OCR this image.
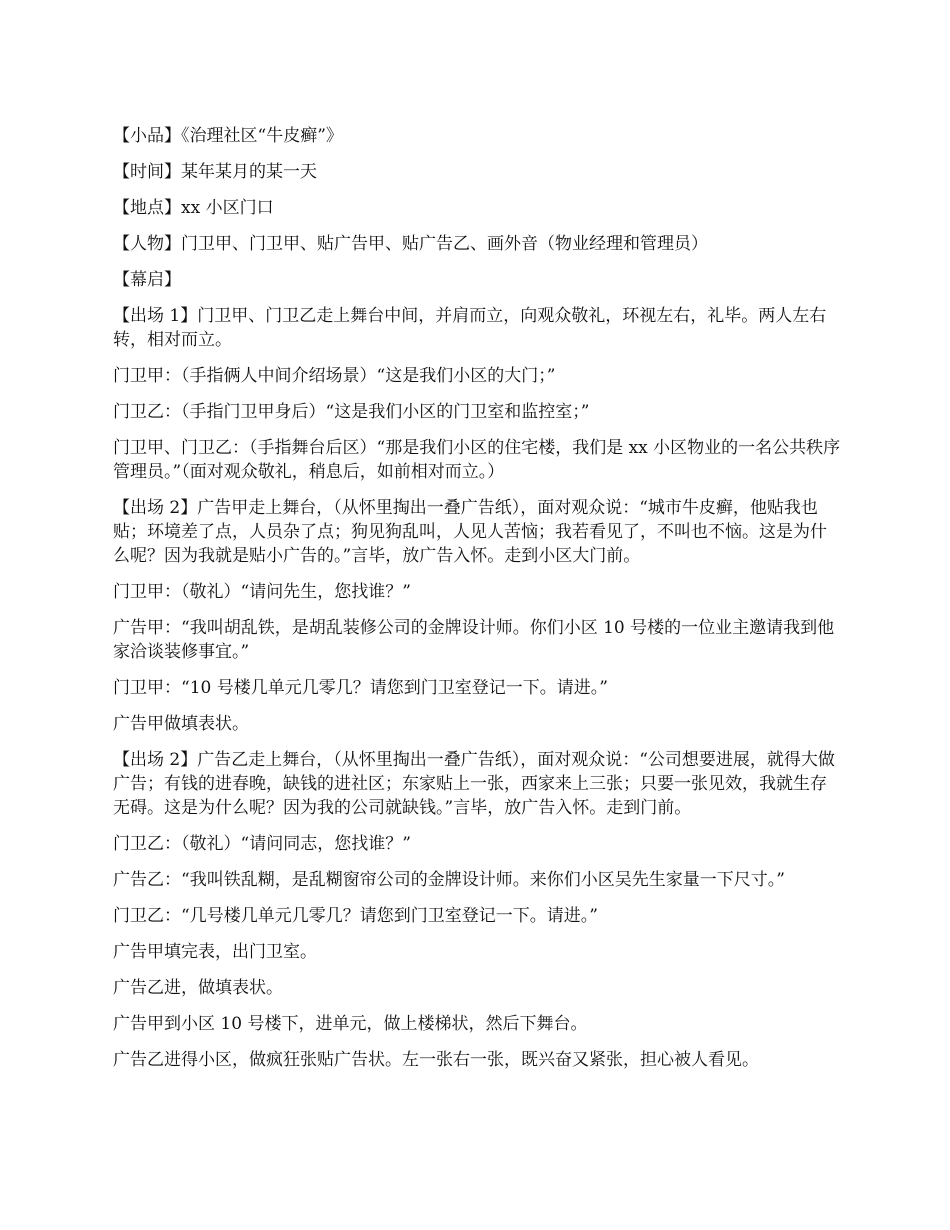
【小品】《治理社区“牛皮癣”》

【时间】某年某月的某一天

【地点】xx 小区门口

【人物】门卫甲、门卫甲、贴广告甲、贴广告乙、画外音（物业经理和管理员）

【幕启】

【出场 1】门卫甲、门卫乙走上舞台中间，并肩而立，向观众敬礼，环视左右，礼毕。两人左右转，相对而立。

门卫甲：（手指俩人中间介绍场景）“这是我们小区的大门；”

门卫乙：（手指门卫甲身后）“这是我们小区的门卫室和监控室；”

门卫甲、门卫乙：（手指舞台后区）“那是我们小区的住宅楼，我们是 xx 小区物业的一名公共秩序管理员。”（面对观众敬礼，稍息后，如前相对而立。）

【出场 2】广告甲走上舞台，（从怀里掏出一叠广告纸），面对观众说：“城市牛皮癣，他贴我也贴；环境差了点，人员杂了点；狗见狗乱叫，人见人苦恼；我若看见了，不叫也不恼。这是为什么呢？因为我就是贴小广告的。”言毕，放广告入怀。走到小区大门前。

门卫甲：（敬礼）“请问先生，您找谁？”

广告甲：“我叫胡乱铁，是胡乱装修公司的金牌设计师。你们小区 10 号楼的一位业主邀请我到他家洽谈装修事宜。”

门卫甲：“10 号楼几单元几零几？请您到门卫室登记一下。请进。”

广告甲做填表状。

【出场 2】广告乙走上舞台，（从怀里掏出一叠广告纸），面对观众说：“公司想要进展，就得大做广告；有钱的进春晚，缺钱的进社区；东家贴上一张，西家来上三张；只要一张见效，我就生存无碍。这是为什么呢？因为我的公司就缺钱。”言毕，放广告入怀。走到门前。

门卫乙：（敬礼）“请问同志，您找谁？”

广告乙：“我叫铁乱糊，是乱糊窗帘公司的金牌设计师。来你们小区吴先生家量一下尺寸。”

门卫乙：“几号楼几单元几零几？请您到门卫室登记一下。请进。”

广告甲填完表，出门卫室。

广告乙进，做填表状。

广告甲到小区 10 号楼下，进单元，做上楼梯状，然后下舞台。

广告乙进得小区，做疯狂张贴广告状。左一张右一张，既兴奋又紧张，担心被人看见。
